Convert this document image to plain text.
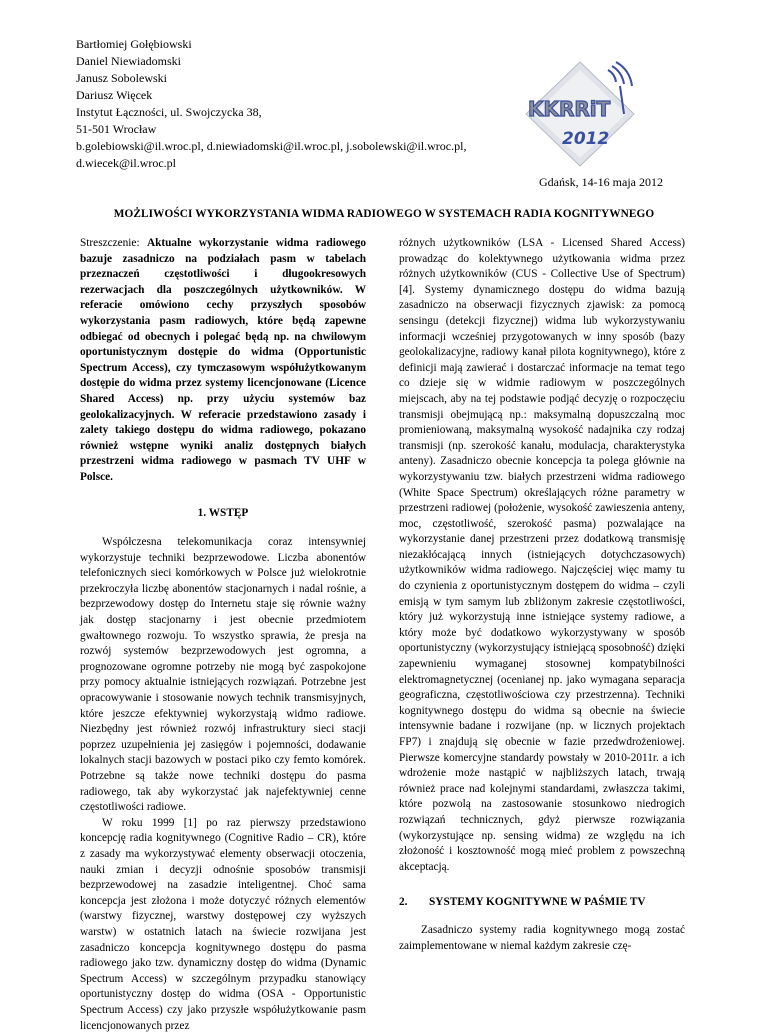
Bartłomiej Gołębiowski
Daniel Niewiadomski
Janusz Sobolewski
Dariusz Więcek
Instytut Łączności, ul. Swojczycka 38,
51-501 Wrocław
b.golebiowski@il.wroc.pl, d.niewiadomski@il.wroc.pl, j.sobolewski@il.wroc.pl,
d.wiecek@il.wroc.pl
KKRRiT
2012
Gdańsk, 14-16 maja 2012
MOŻLIWOŚCI WYKORZYSTANIA WIDMA RADIOWEGO W SYSTEMACH RADIA KOGNITYWNEGO

Streszczenie: Aktualne wykorzystanie widma radiowego bazuje zasadniczo na podziałach pasm w tabelach przeznaczeń częstotliwości i długookresowych rezerwacjach dla poszczególnych użytkowników. W referacie omówiono cechy przyszłych sposobów wykorzystania pasm radiowych, które będą zapewne odbiegać od obecnych i polegać będą np. na chwilowym oportunistycznym dostępie do widma (Opportunistic Spectrum Access), czy tymczasowym współużytkowanym dostępie do widma przez systemy licencjonowane (Licence Shared Access) np. przy użyciu systemów baz geolokalizacyjnych. W referacie przedstawiono zasady i zalety takiego dostępu do widma radiowego, pokazano również wstępne wyniki analiz dostępnych białych przestrzeni widma radiowego w pasmach TV UHF w Polsce.

1. WSTĘP

Współczesna telekomunikacja coraz intensywniej wykorzystuje techniki bezprzewodowe. Liczba abonentów telefonicznych sieci komórkowych w Polsce już wielokrotnie przekroczyła liczbę abonentów stacjonarnych i nadal rośnie, a bezprzewodowy dostęp do Internetu staje się równie ważny jak dostęp stacjonarny i jest obecnie przedmiotem gwałtownego rozwoju. To wszystko sprawia, że presja na rozwój systemów bezprzewodowych jest ogromna, a prognozowane ogromne potrzeby nie mogą być zaspokojone przy pomocy aktualnie istniejących rozwiązań. Potrzebne jest opracowywanie i stosowanie nowych technik transmisyjnych, które jeszcze efektywniej wykorzystają widmo radiowe. Niezbędny jest również rozwój infrastruktury sieci stacji poprzez uzupełnienia jej zasięgów i pojemności, dodawanie lokalnych stacji bazowych w postaci piko czy femto komórek. Potrzebne są także nowe techniki dostępu do pasma radiowego, tak aby wykorzystać jak najefektywniej cenne częstotliwości radiowe.

W roku 1999 [1] po raz pierwszy przedstawiono koncepcję radia kognitywnego (Cognitive Radio – CR), które z zasady ma wykorzystywać elementy obserwacji otoczenia, nauki zmian i decyzji odnośnie sposobów transmisji bezprzewodowej na zasadzie inteligentnej. Choć sama koncepcja jest złożona i może dotyczyć różnych elementów (warstwy fizycznej, warstwy dostępowej czy wyższych warstw) w ostatnich latach na świecie rozwijana jest zasadniczo koncepcja kognitywnego dostępu do pasma radiowego jako tzw. dynamiczny dostęp do widma (Dynamic Spectrum Access) w szczególnym przypadku stanowiący oportunistyczny dostęp do widma (OSA - Opportunistic Spectrum Access) czy jako przyszłe współużytkowanie pasm licencjonowanych przez

różnych użytkowników (LSA - Licensed Shared Access) prowadząc do kolektywnego użytkowania widma przez różnych użytkowników (CUS - Collective Use of Spectrum) [4]. Systemy dynamicznego dostępu do widma bazują zasadniczo na obserwacji fizycznych zjawisk: za pomocą sensingu (detekcji fizycznej) widma lub wykorzystywaniu informacji wcześniej przygotowanych w inny sposób (bazy geolokalizacyjne, radiowy kanał pilota kognitywnego), które z definicji mają zawierać i dostarczać informacje na temat tego co dzieje się w widmie radiowym w poszczególnych miejscach, aby na tej podstawie podjąć decyzję o rozpoczęciu transmisji obejmującą np.: maksymalną dopuszczalną moc promieniowaną, maksymalną wysokość nadajnika czy rodzaj transmisji (np. szerokość kanału, modulacja, charakterystyka anteny). Zasadniczo obecnie koncepcja ta polega głównie na wykorzystywaniu tzw. białych przestrzeni widma radiowego (White Space Spectrum) określających różne parametry w przestrzeni radiowej (położenie, wysokość zawieszenia anteny, moc, częstotliwość, szerokość pasma) pozwalające na wykorzystanie danej przestrzeni przez dodatkową transmisję niezakłócającą innych (istniejących dotychczasowych) użytkowników widma radiowego. Najczęściej więc mamy tu do czynienia z oportunistycznym dostępem do widma – czyli emisją w tym samym lub zbliżonym zakresie częstotliwości, który już wykorzystują inne istniejące systemy radiowe, a który może być dodatkowo wykorzystywany w sposób oportunistyczny (wykorzystujący istniejącą sposobność) dzięki zapewnieniu wymaganej stosownej kompatybilności elektromagnetycznej (ocenianej np. jako wymagana separacja geograficzna, częstotliwościowa czy przestrzenna). Techniki kognitywnego dostępu do widma są obecnie na świecie intensywnie badane i rozwijane (np. w licznych projektach FP7) i znajdują się obecnie w fazie przedwdrożeniowej. Pierwsze komercyjne standardy powstały w 2010-2011r. a ich wdrożenie może nastąpić w najbliższych latach, trwają również prace nad kolejnymi standardami, zwłaszcza takimi, które pozwolą na zastosowanie stosunkowo niedrogich rozwiązań technicznych, gdyż pierwsze rozwiązania (wykorzystujące np. sensing widma) ze względu na ich złożoność i kosztowność mogą mieć problem z powszechną akceptacją.

2. SYSTEMY KOGNITYWNE W PAŚMIE TV

Zasadniczo systemy radia kognitywnego mogą zostać zaimplementowane w niemal każdym zakresie czę-
